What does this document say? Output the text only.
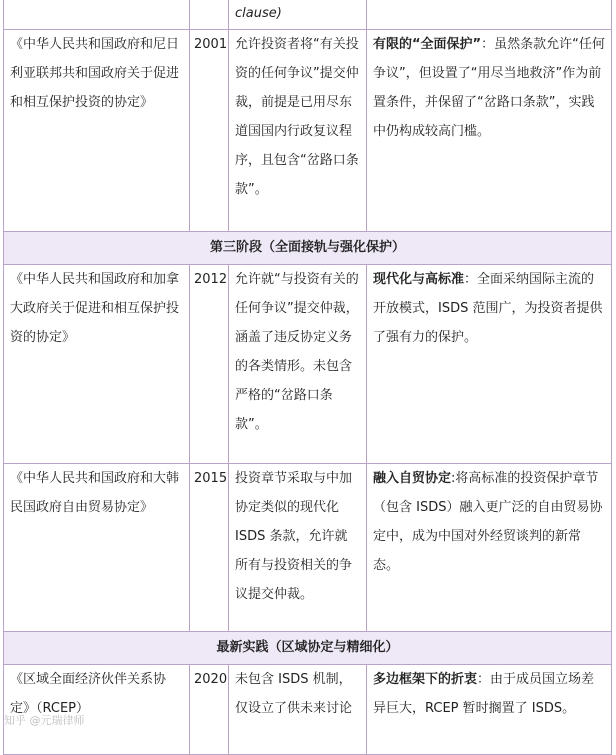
		clause)	
《中华人民共和国政府和尼日利亚联邦共和国政府关于促进和相互保护投资的协定》	2001	允许投资者将“有关投资的任何争议”提交仲裁，前提是已用尽东道国国内行政复议程序，且包含“岔路口条款”。	有限的“全面保护”：虽然条款允许“任何争议”，但设置了“用尽当地救济”作为前置条件，并保留了“岔路口条款”，实践中仍构成较高门槛。
第三阶段（全面接轨与强化保护）			
《中华人民共和国政府和加拿大政府关于促进和相互保护投资的协定》	2012	允许就“与投资有关的任何争议”提交仲裁，涵盖了违反协定义务的各类情形。未包含严格的“岔路口条款”。	现代化与高标准：全面采纳国际主流的开放模式，ISDS 范围广，为投资者提供了强有力的保护。
《中华人民共和国政府和大韩民国政府自由贸易协定》	2015	投资章节采取与中加协定类似的现代化 ISDS 条款，允许就所有与投资相关的争议提交仲裁。	融入自贸协定:将高标准的投资保护章节（包含 ISDS）融入更广泛的自由贸易协定中，成为中国对外经贸谈判的新常态。
最新实践（区域协定与精细化）			
《区域全面经济伙伴关系协定》（RCEP）	2020	未包含 ISDS 机制，仅设立了供未来讨论	多边框架下的折衷：由于成员国立场差异巨大，RCEP 暂时搁置了 ISDS。
知乎 @元瑞律师
